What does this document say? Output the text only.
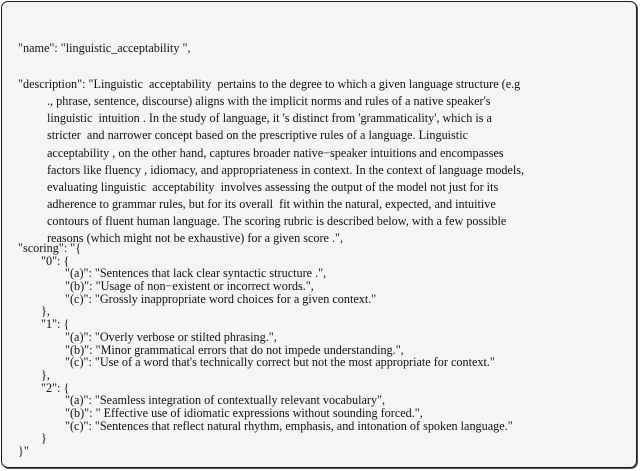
"name": "linguistic_acceptability ",
"description": "Linguistic  acceptability  pertains to the degree to which a given language structure (e.g
., phrase, sentence, discourse) aligns with the implicit norms and rules of a native speaker's
linguistic  intuition . In the study of language, it 's distinct from 'grammaticality', which is a
stricter  and narrower concept based on the prescriptive rules of a language. Linguistic
acceptability , on the other hand, captures broader native−speaker intuitions and encompasses
factors like fluency , idiomacy, and appropriateness in context. In the context of language models,
evaluating linguistic  acceptability  involves assessing the output of the model not just for its
adherence to grammar rules, but for its overall  fit within the natural, expected, and intuitive
contours of fluent human language. The scoring rubric is described below, with a few possible
reasons (which might not be exhaustive) for a given score .",
"scoring": "{
"0": {
"(a)": "Sentences that lack clear syntactic structure .",
"(b)": "Usage of non−existent or incorrect words.",
"(c)": "Grossly inappropriate word choices for a given context."
},
"1": {
"(a)": "Overly verbose or stilted phrasing.",
"(b)": "Minor grammatical errors that do not impede understanding.",
"(c)": "Use of a word that's technically correct but not the most appropriate for context."
},
"2": {
"(a)": "Seamless integration of contextually relevant vocabulary",
"(b)": " Effective use of idiomatic expressions without sounding forced.",
"(c)": "Sentences that reflect natural rhythm, emphasis, and intonation of spoken language."
}
}"
